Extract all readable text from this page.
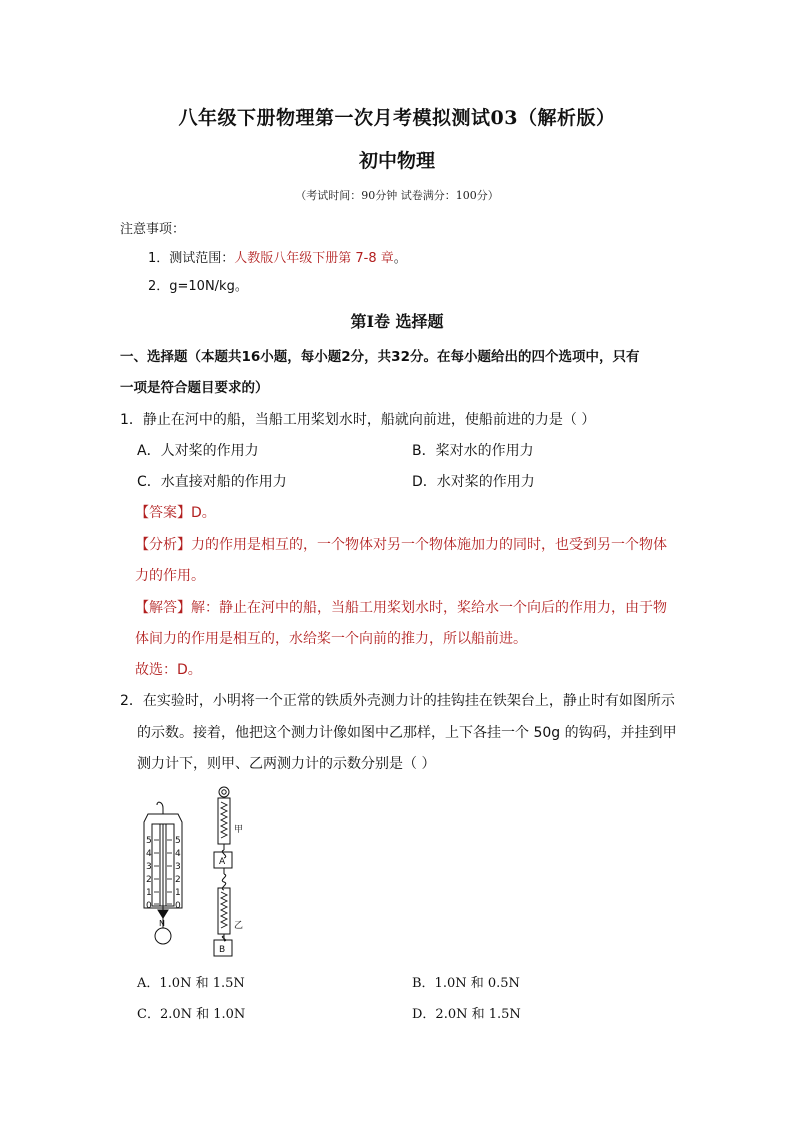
八年级下册物理第一次月考模拟测试03（解析版）
初中物理
（考试时间：90分钟 试卷满分：100分）
注意事项：
1．测试范围：人教版八年级下册第 7-8 章。
2．g=10N/kg。
第Ⅰ卷 选择题
一、选择题（本题共16小题，每小题2分，共32分。在每小题给出的四个选项中，只有
一项是符合题目要求的）
1．静止在河中的船，当船工用桨划水时，船就向前进，使船前进的力是（ ）
A．人对桨的作用力	B．桨对水的作用力
C．水直接对船的作用力	D．水对桨的作用力
【答案】D。
【分析】力的作用是相互的，一个物体对另一个物体施加力的同时，也受到另一个物体
力的作用。
【解答】解：静止在河中的船，当船工用桨划水时，桨给水一个向后的作用力，由于物
体间力的作用是相互的，水给桨一个向前的推力，所以船前进。
故选：D。
2．在实验时，小明将一个正常的铁质外壳测力计的挂钩挂在铁架台上，静止时有如图所示
的示数。接着，他把这个测力计像如图中乙那样，上下各挂一个 50g 的钩码，并挂到甲
测力计下，则甲、乙两测力计的示数分别是（ ）
5
4
3
2
1
0
5
4
3
2
1
0
N
甲
乙
A
B
A．1.0N 和 1.5N	B．1.0N 和 0.5N
C．2.0N 和 1.0N	D．2.0N 和 1.5N
